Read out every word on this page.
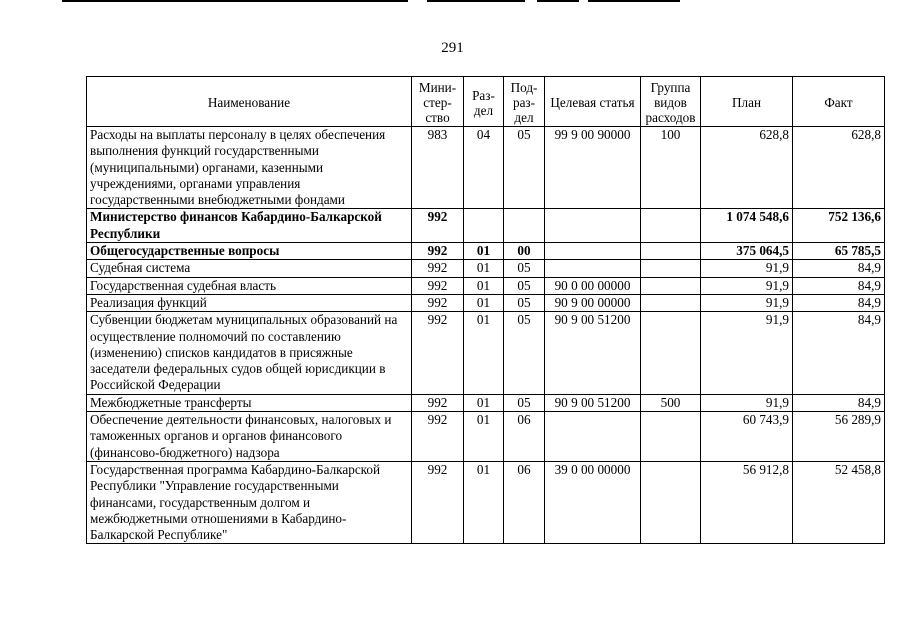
291
Наименование	Мини-стер-ство	Раз-дел	Под-раз-дел	Целевая статья	Группа видов расходов	План	Факт
Расходы на выплаты персоналу в целях обеспечения выполнения функций государственными (муниципальными) органами, казенными учреждениями, органами управления государственными внебюджетными фондами	983	04	05	99 9 00 90000	100	628,8	628,8
Министерство финансов Кабардино-Балкарской Республики	992					1 074 548,6	752 136,6
Общегосударственные вопросы	992	01	00			375 064,5	65 785,5
Судебная система	992	01	05			91,9	84,9
Государственная судебная власть	992	01	05	90 0 00 00000		91,9	84,9
Реализация функций	992	01	05	90 9 00 00000		91,9	84,9
Субвенции бюджетам муниципальных образований на осуществление полномочий по составлению (изменению) списков кандидатов в присяжные заседатели федеральных судов общей юрисдикции в Российской Федерации	992	01	05	90 9 00 51200		91,9	84,9
Межбюджетные трансферты	992	01	05	90 9 00 51200	500	91,9	84,9
Обеспечение деятельности финансовых, налоговых и таможенных органов и органов финансового (финансово-бюджетного) надзора	992	01	06			60 743,9	56 289,9
Государственная программа Кабардино-Балкарской Республики "Управление государственными финансами, государственным долгом и межбюджетными отношениями в Кабардино-Балкарской Республике"	992	01	06	39 0 00 00000		56 912,8	52 458,8
